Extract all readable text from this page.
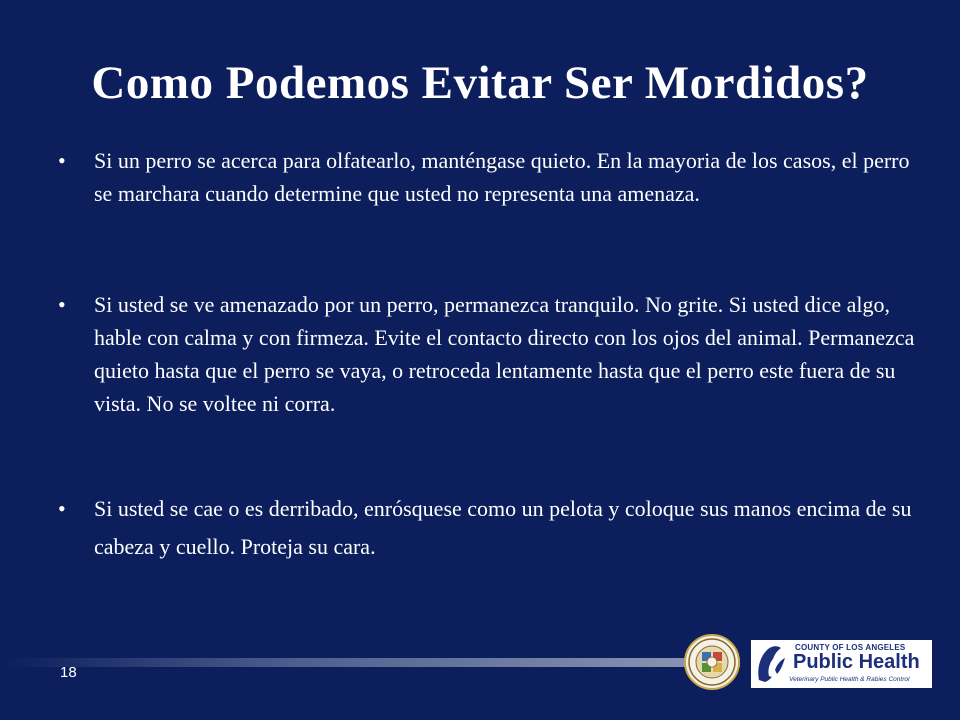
Como Podemos Evitar Ser Mordidos?
• Si un perro se acerca para olfatearlo, manténgase quieto. En la mayoria de los casos, el perro se marchara cuando determine que usted no representa una amenaza.
• Si usted se ve amenazado por un perro, permanezca tranquilo. No grite. Si usted dice algo, hable con calma y con firmeza. Evite el contacto directo con los ojos del animal. Permanezca quieto hasta que el perro se vaya, o retroceda lentamente hasta que el perro este fuera de su vista. No se voltee ni corra.
• Si usted se cae o es derribado, enrósquese como un pelota y coloque sus manos encima de su cabeza y cuello. Proteja su cara.
18
COUNTY OF LOS ANGELES
Public Health
Veterinary Public Health & Rabies Control
